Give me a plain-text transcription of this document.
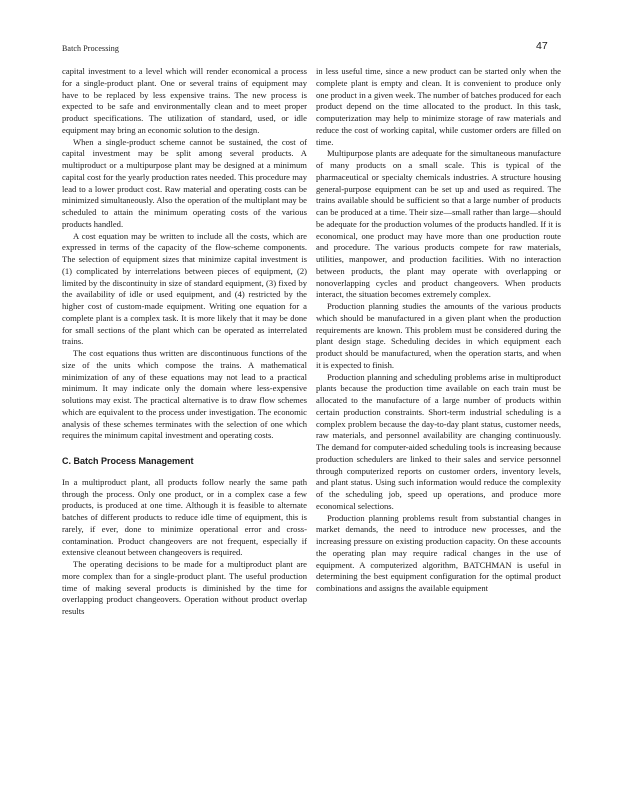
Batch Processing	47

capital investment to a level which will render economical a process for a single-product plant. One or several trains of equipment may have to be replaced by less expensive trains. The new process is expected to be safe and environmentally clean and to meet proper product specifications. The utilization of standard, used, or idle equipment may bring an economic solution to the design.

When a single-product scheme cannot be sustained, the cost of capital investment may be split among several products. A multiproduct or a multipurpose plant may be designed at a minimum capital cost for the yearly production rates needed. This procedure may lead to a lower product cost. Raw material and operating costs can be minimized simultaneously. Also the operation of the multiplant may be scheduled to attain the minimum operating costs of the various products handled.

A cost equation may be written to include all the costs, which are expressed in terms of the capacity of the flow-scheme components. The selection of equipment sizes that minimize capital investment is (1) complicated by interrelations between pieces of equipment, (2) limited by the discontinuity in size of standard equipment, (3) fixed by the availability of idle or used equipment, and (4) restricted by the higher cost of custom-made equipment. Writing one equation for a complete plant is a complex task. It is more likely that it may be done for small sections of the plant which can be operated as interrelated trains.

The cost equations thus written are discontinuous functions of the size of the units which compose the trains. A mathematical minimization of any of these equations may not lead to a practical minimum. It may indicate only the domain where less-expensive solutions may exist. The practical alternative is to draw flow schemes which are equivalent to the process under investigation. The economic analysis of these schemes terminates with the selection of one which requires the minimum capital investment and operating costs.

C. Batch Process Management

In a multiproduct plant, all products follow nearly the same path through the process. Only one product, or in a complex case a few products, is produced at one time. Although it is feasible to alternate batches of different products to reduce idle time of equipment, this is rarely, if ever, done to minimize operational error and cross-contamination. Product changeovers are not frequent, especially if extensive cleanout between changeovers is required.

The operating decisions to be made for a multiproduct plant are more complex than for a single-product plant. The useful production time of making several products is diminished by the time for overlapping product changeovers. Operation without product overlap results

in less useful time, since a new product can be started only when the complete plant is empty and clean. It is convenient to produce only one product in a given week. The number of batches produced for each product depend on the time allocated to the product. In this task, computerization may help to minimize storage of raw materials and reduce the cost of working capital, while customer orders are filled on time.

Multipurpose plants are adequate for the simultaneous manufacture of many products on a small scale. This is typical of the pharmaceutical or specialty chemicals industries. A structure housing general-purpose equipment can be set up and used as required. The trains available should be sufficient so that a large number of products can be produced at a time. Their size—small rather than large—should be adequate for the production volumes of the products handled. If it is economical, one product may have more than one production route and procedure. The various products compete for raw materials, utilities, manpower, and production facilities. With no interaction between products, the plant may operate with overlapping or nonoverlapping cycles and product changeovers. When products interact, the situation becomes extremely complex.

Production planning studies the amounts of the various products which should be manufactured in a given plant when the production requirements are known. This problem must be considered during the plant design stage. Scheduling decides in which equipment each product should be manufactured, when the operation starts, and when it is expected to finish.

Production planning and scheduling problems arise in multiproduct plants because the production time available on each train must be allocated to the manufacture of a large number of products within certain production constraints. Short-term industrial scheduling is a complex problem because the day-to-day plant status, customer needs, raw materials, and personnel availability are changing continuously. The demand for computer-aided scheduling tools is increasing because production schedulers are linked to their sales and service personnel through computerized reports on customer orders, inventory levels, and plant status. Using such information would reduce the complexity of the scheduling job, speed up operations, and produce more economical selections.

Production planning problems result from substantial changes in market demands, the need to introduce new processes, and the increasing pressure on existing production capacity. On these accounts the operating plan may require radical changes in the use of equipment. A computerized algorithm, BATCHMAN is useful in determining the best equipment configuration for the optimal product combinations and assigns the available equipment
